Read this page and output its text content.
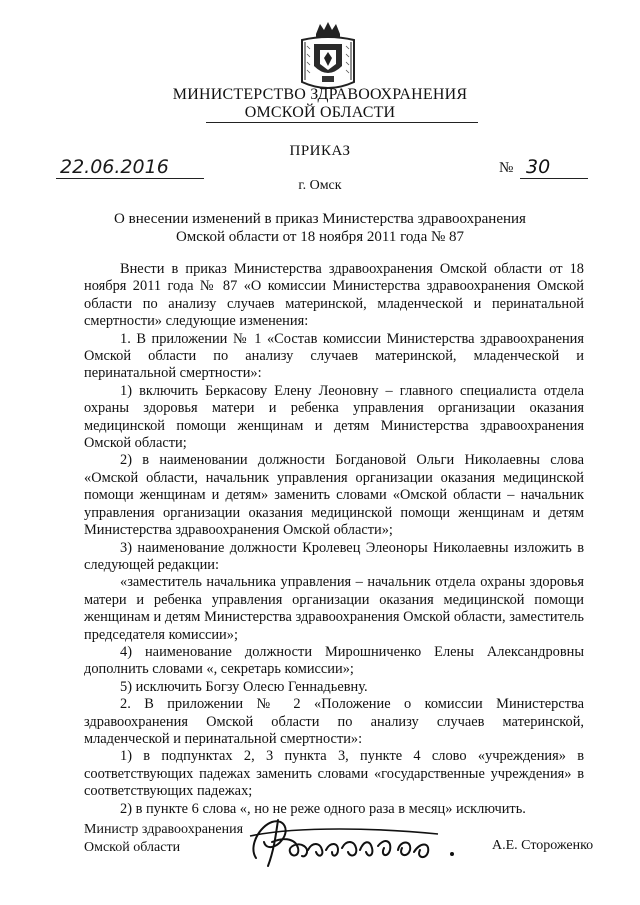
МИНИСТЕРСТВО ЗДРАВООХРАНЕНИЯ
ОМСКОЙ ОБЛАСТИ
ПРИКАЗ
22.06.2016	№ 30
г. Омск
О внесении изменений в приказ Министерства здравоохранения
Омской области от 18 ноября 2011 года № 87

Внести в приказ Министерства здравоохранения Омской области от 18 ноября 2011 года № 87 «О комиссии Министерства здравоохранения Омской области по анализу случаев материнской, младенческой и перинатальной смертности» следующие изменения:

1. В приложении № 1 «Состав комиссии Министерства здравоохранения Омской области по анализу случаев материнской, младенческой и перинатальной смертности»:

1) включить Беркасову Елену Леоновну – главного специалиста отдела охраны здоровья матери и ребенка управления организации оказания медицинской помощи женщинам и детям Министерства здравоохранения Омской области;

2) в наименовании должности Богдановой Ольги Николаевны слова «Омской области, начальник управления организации оказания медицинской помощи женщинам и детям» заменить словами «Омской области – начальник управления организации оказания медицинской помощи женщинам и детям Министерства здравоохранения Омской области»;

3) наименование должности Кролевец Элеоноры Николаевны изложить в следующей редакции:

«заместитель начальника управления – начальник отдела охраны здоровья матери и ребенка управления организации оказания медицинской помощи женщинам и детям Министерства здравоохранения Омской области, заместитель председателя комиссии»;

4) наименование должности Мирошниченко Елены Александровны дополнить словами «, секретарь комиссии»;

5) исключить Богзу Олесю Геннадьевну.

2. В приложении № 2 «Положение о комиссии Министерства здравоохранения Омской области по анализу случаев материнской, младенческой и перинатальной смертности»:

1) в подпунктах 2, 3 пункта 3, пункте 4 слово «учреждения» в соответствующих падежах заменить словами «государственные учреждения» в соответствующих падежах;

2) в пункте 6 слова «, но не реже одного раза в месяц» исключить.

Министр здравоохранения
Омской области	А.Е. Стороженко
